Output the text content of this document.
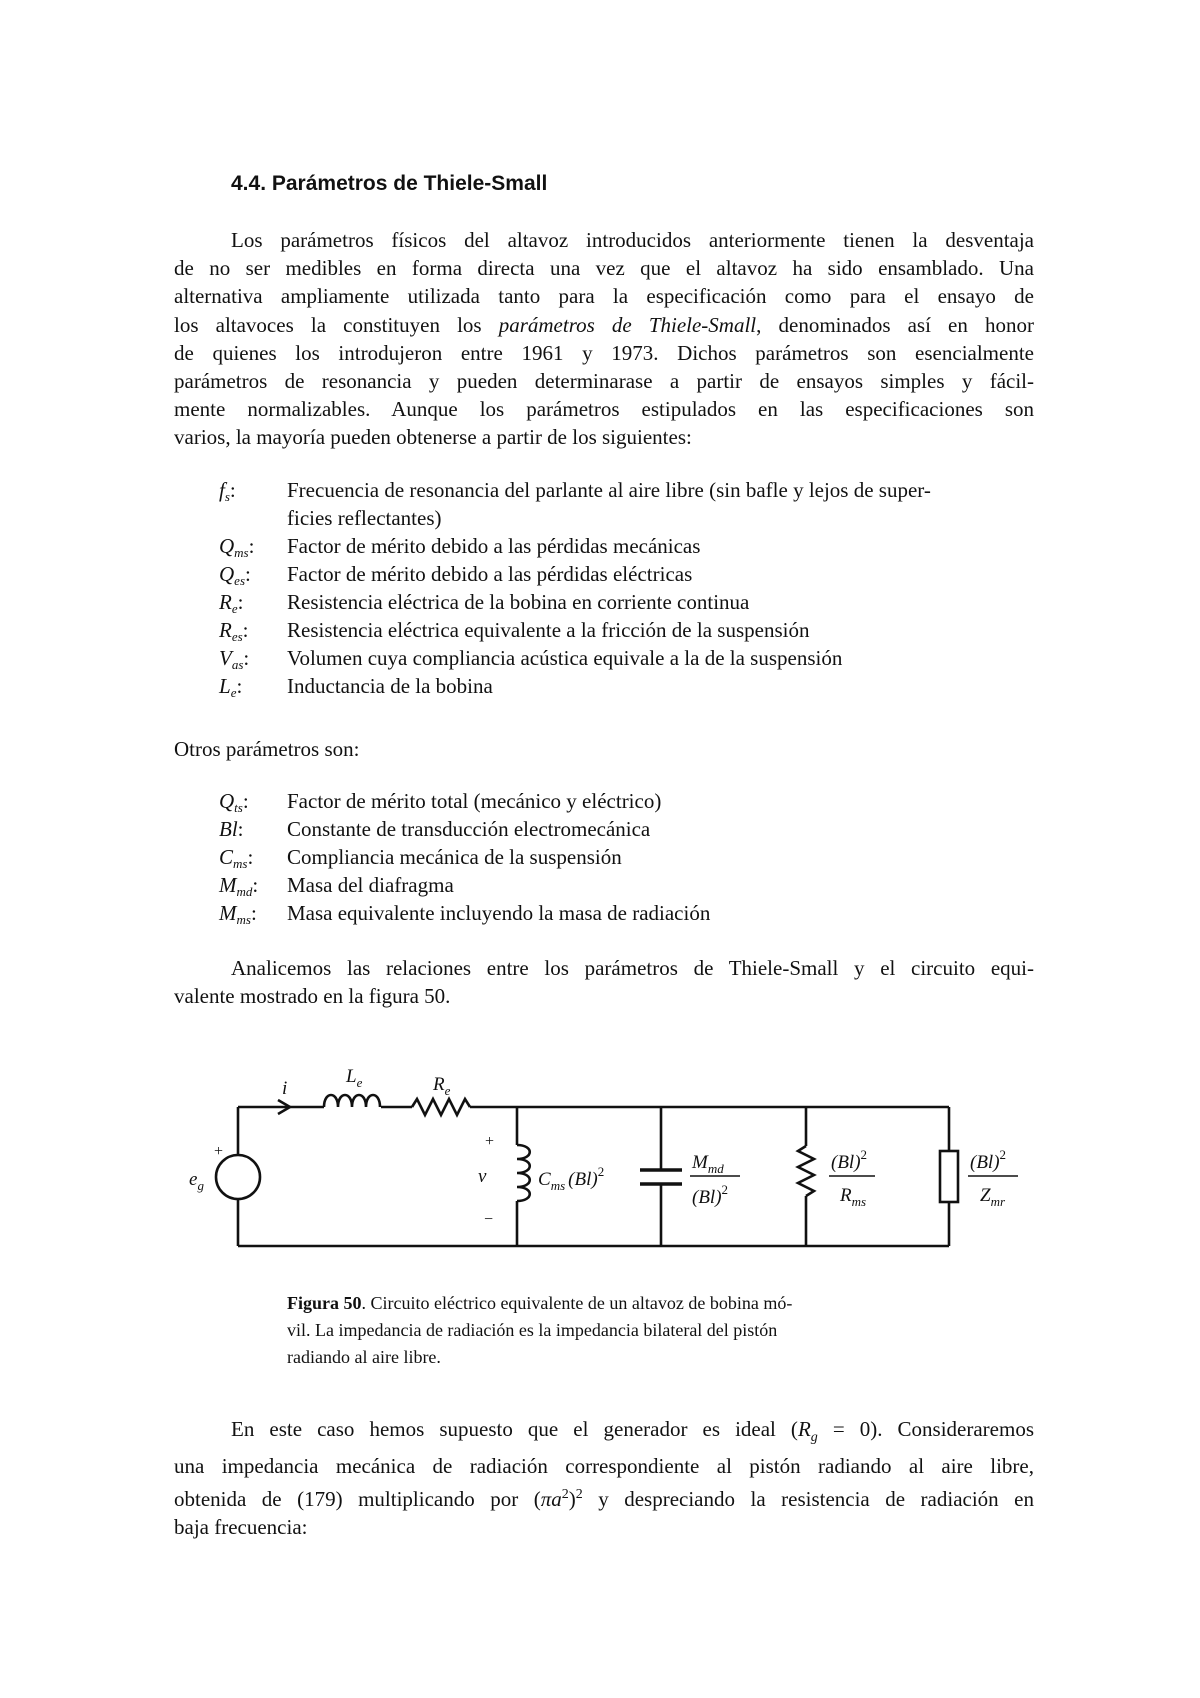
4.4. Parámetros de Thiele-Small
Los parámetros físicos del altavoz introducidos anteriormente tienen la desventaja
de no ser medibles en forma directa una vez que el altavoz ha sido ensamblado. Una
alternativa ampliamente utilizada tanto para la especificación como para el ensayo de
los altavoces la constituyen los parámetros de Thiele-Small, denominados así en honor
de quienes los introdujeron entre 1961 y 1973. Dichos parámetros son esencialmente
parámetros de resonancia y pueden determinarase a partir de ensayos simples y fácil-
mente normalizables. Aunque los parámetros estipulados en las especificaciones son
varios, la mayoría pueden obtenerse a partir de los siguientes:
$f_s$: Frecuencia de resonancia del parlante al aire libre (sin bafle y lejos de super-
ficies reflectantes)
$Q_{ms}$: Factor de mérito debido a las pérdidas mecánicas
$Q_{es}$: Factor de mérito debido a las pérdidas eléctricas
$R_e$: Resistencia eléctrica de la bobina en corriente continua
$R_{es}$: Resistencia eléctrica equivalente a la fricción de la suspensión
$V_{as}$: Volumen cuya compliancia acústica equivale a la de la suspensión
$L_e$: Inductancia de la bobina
Otros parámetros son:
$Q_{ts}$: Factor de mérito total (mecánico y eléctrico)
Bl: Constante de transducción electromecánica
$C_{ms}$: Compliancia mecánica de la suspensión
$M_{md}$: Masa del diafragma
$M_{ms}$: Masa equivalente incluyendo la masa de radiación
Analicemos las relaciones entre los parámetros de Thiele-Small y el circuito equi-
valente mostrado en la figura 50.
i
$L_e$	$R_e$
$e_g$
+
+
v
−
$C_{ms}$ $(Bl)^2$	$M_{md}$
$(Bl)^2$
$(Bl)^2$
$R_{ms}$
$(Bl)^2$
$Z_{mr}$
Figura 50. Circuito eléctrico equivalente de un altavoz de bobina mó-
vil. La impedancia de radiación es la impedancia bilateral del pistón
radiando al aire libre.
En este caso hemos supuesto que el generador es ideal $(R_g = 0)$. Consideraremos
una impedancia mecánica de radiación correspondiente al pistón radiando al aire libre,
obtenida de (179) multiplicando por $(\pi a^2)^2$ y despreciando la resistencia de radiación en
baja frecuencia:
